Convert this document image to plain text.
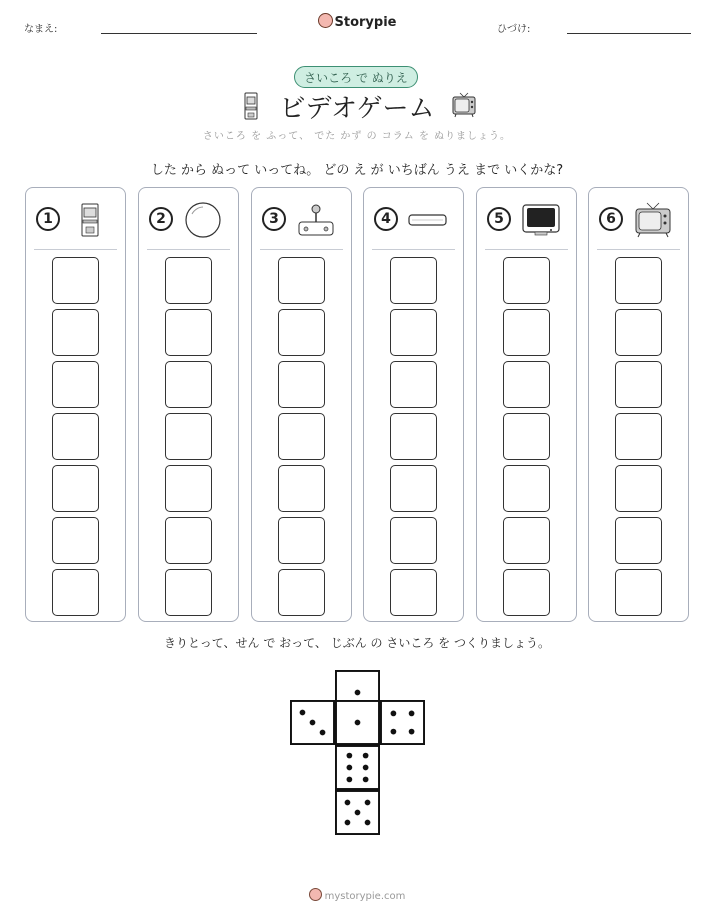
なまえ:	Storypie	ひづけ:
さいころ で ぬりえ
ビデオゲーム
さいころ を ふって、 でた かず の コラム を ぬりましょう。
した から ぬって いってね。 どの え が いちばん うえ まで いくかな?
1	2	3	4	5	6
きりとって、せん で おって、 じぶん の さいころ を つくりましょう。
mystorypie.com
